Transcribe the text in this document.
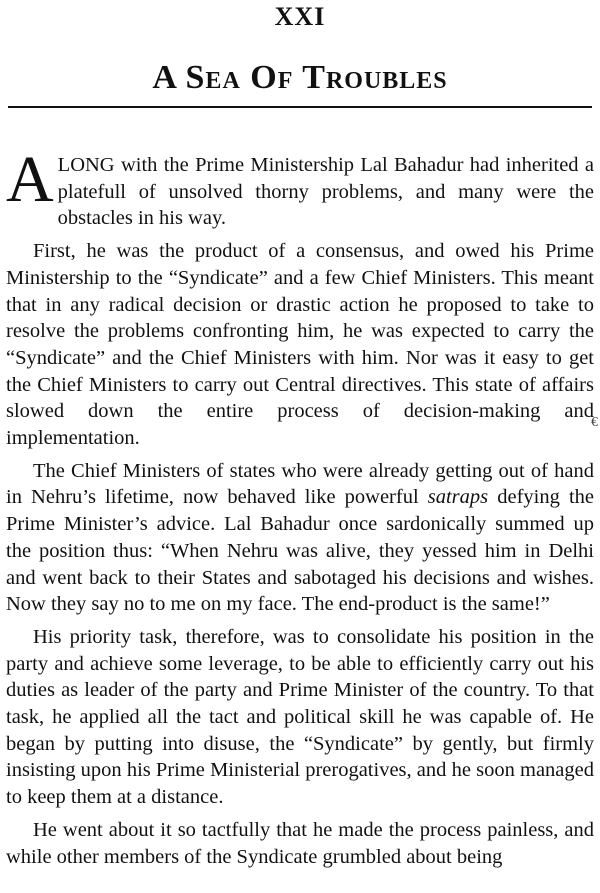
XXI
A Sea Of Troubles

ALONG with the Prime Ministership Lal Bahadur had inherited a platefull of unsolved thorny problems, and many were the obstacles in his way.

First, he was the product of a consensus, and owed his Prime Ministership to the “Syndicate” and a few Chief Ministers. This meant that in any radical decision or drastic action he proposed to take to resolve the problems confronting him, he was expected to carry the “Syndicate” and the Chief Ministers with him. Nor was it easy to get the Chief Ministers to carry out Central directives. This state of affairs slowed down the entire process of decision-making and implementation.

The Chief Ministers of states who were already getting out of hand in Nehru’s lifetime, now behaved like powerful satraps defying the Prime Minister’s advice. Lal Bahadur once sardonically summed up the position thus: “When Nehru was alive, they yessed him in Delhi and went back to their States and sabotaged his decisions and wishes. Now they say no to me on my face. The end-product is the same!”

His priority task, therefore, was to consolidate his position in the party and achieve some leverage, to be able to efficiently carry out his duties as leader of the party and Prime Minister of the country. To that task, he applied all the tact and political skill he was capable of. He began by putting into disuse, the “Syndicate” by gently, but firmly insisting upon his Prime Ministerial prerogatives, and he soon managed to keep them at a distance.

He went about it so tactfully that he made the process painless, and while other members of the Syndicate grumbled about being

€
